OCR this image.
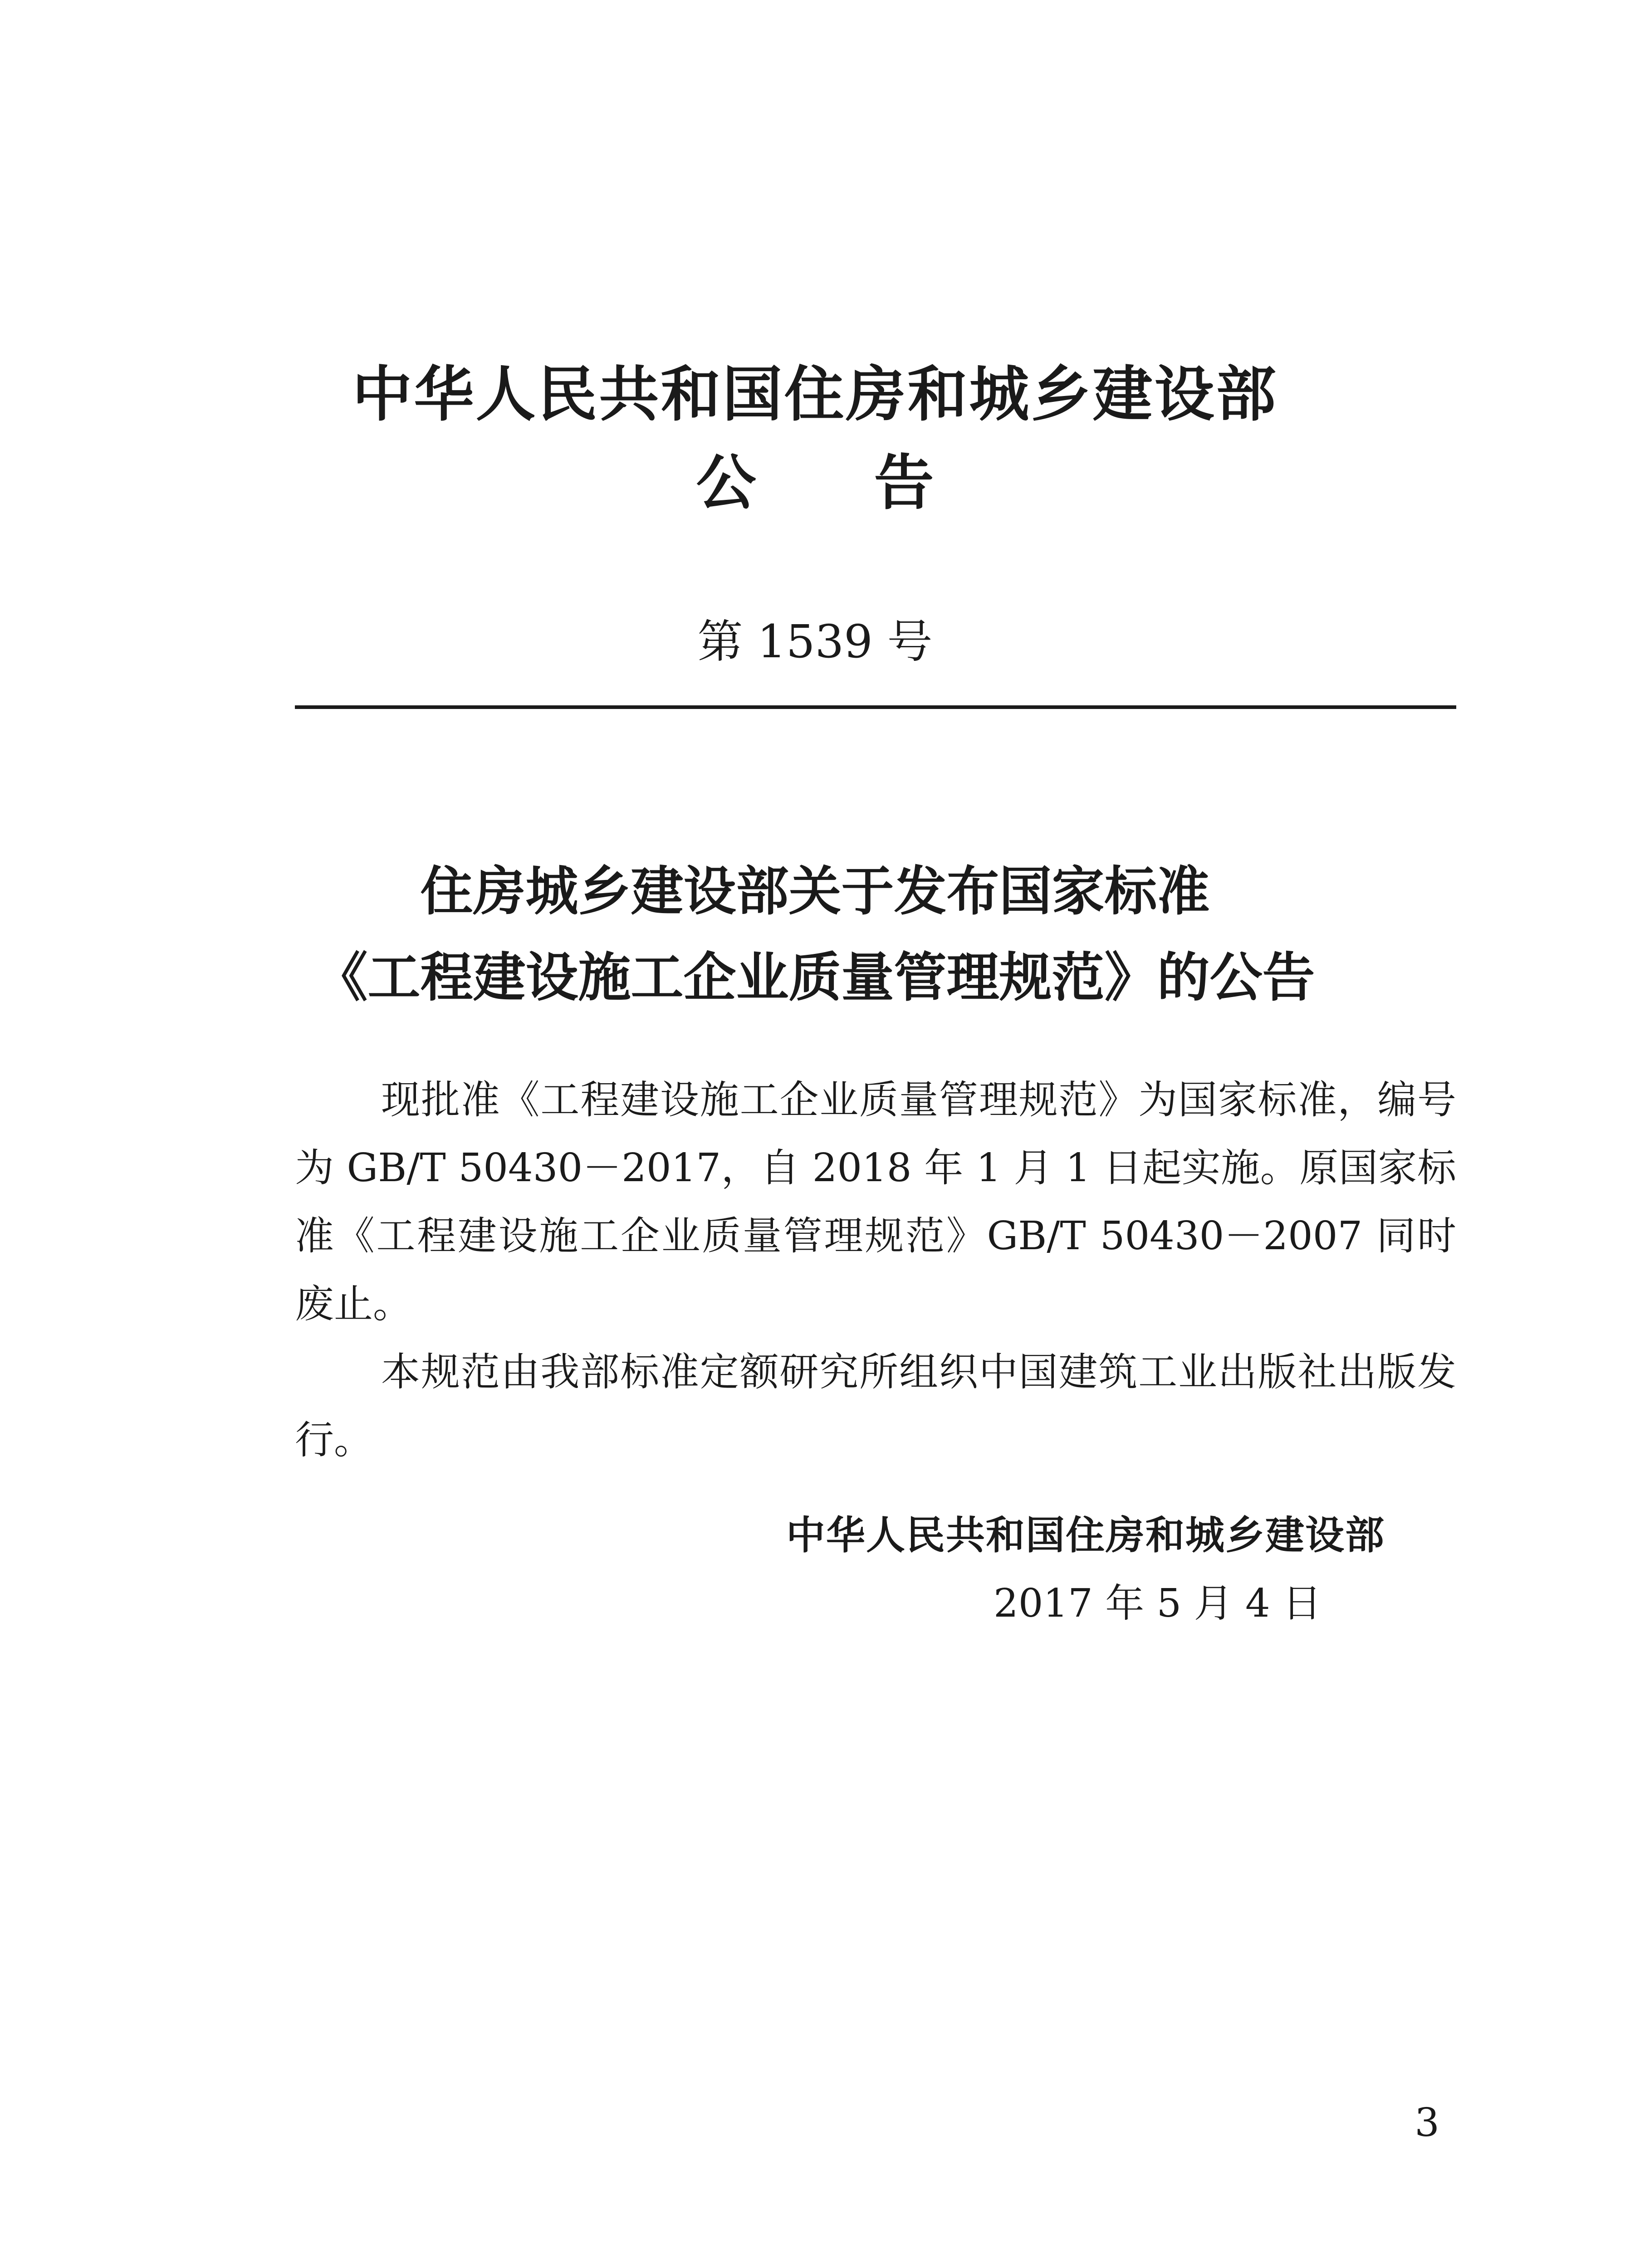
中华人民共和国住房和城乡建设部
公 告
第 1539 号
住房城乡建设部关于发布国家标准
《工程建设施工企业质量管理规范》的公告

现批准《工程建设施工企业质量管理规范》为国家标准，编号为 GB/T 50430－2017，自 2018 年 1 月 1 日起实施。原国家标准《工程建设施工企业质量管理规范》GB/T 50430－2007 同时废止。

本规范由我部标准定额研究所组织中国建筑工业出版社出版发行。

中华人民共和国住房和城乡建设部
2017 年 5 月 4 日
3
